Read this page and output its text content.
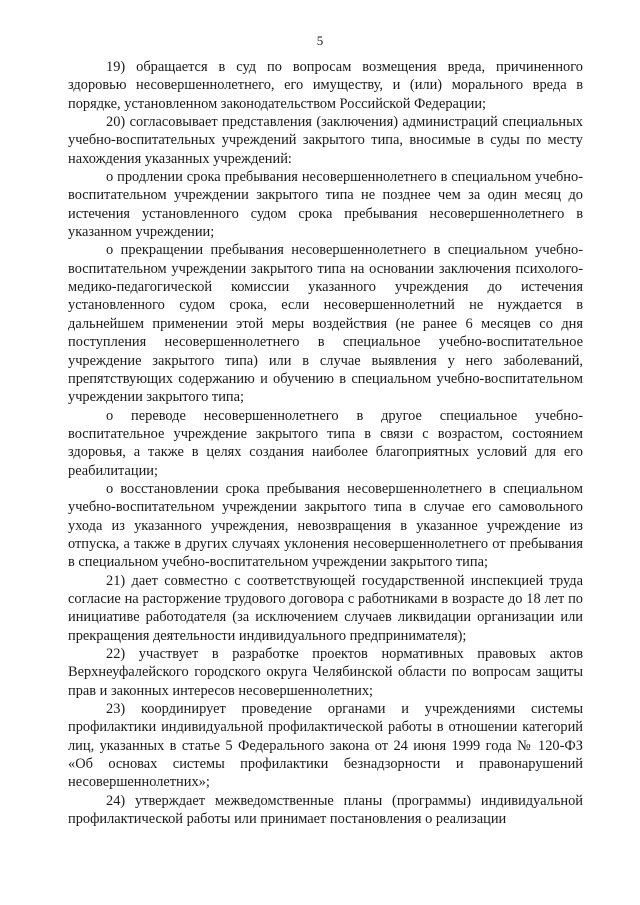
5

19) обращается в суд по вопросам возмещения вреда, причиненного здоровью несовершеннолетнего, его имуществу, и (или) морального вреда в порядке, установленном законодательством Российской Федерации;

20) согласовывает представления (заключения) администраций специальных учебно-воспитательных учреждений закрытого типа, вносимые в суды по месту нахождения указанных учреждений:

о продлении срока пребывания несовершеннолетнего в специальном учебно-воспитательном учреждении закрытого типа не позднее чем за один месяц до истечения установленного судом срока пребывания несовершеннолетнего в указанном учреждении;

о прекращении пребывания несовершеннолетнего в специальном учебно-воспитательном учреждении закрытого типа на основании заключения психолого-медико-педагогической комиссии указанного учреждения до истечения установленного судом срока, если несовершеннолетний не нуждается в дальнейшем применении этой меры воздействия (не ранее 6 месяцев со дня поступления несовершеннолетнего в специальное учебно-воспитательное учреждение закрытого типа) или в случае выявления у него заболеваний, препятствующих содержанию и обучению в специальном учебно-воспитательном учреждении закрытого типа;

о переводе несовершеннолетнего в другое специальное учебно-воспитательное учреждение закрытого типа в связи с возрастом, состоянием здоровья, а также в целях создания наиболее благоприятных условий для его реабилитации;

о восстановлении срока пребывания несовершеннолетнего в специальном учебно-воспитательном учреждении закрытого типа в случае его самовольного ухода из указанного учреждения, невозвращения в указанное учреждение из отпуска, а также в других случаях уклонения несовершеннолетнего от пребывания в специальном учебно-воспитательном учреждении закрытого типа;

21) дает совместно с соответствующей государственной инспекцией труда согласие на расторжение трудового договора с работниками в возрасте до 18 лет по инициативе работодателя (за исключением случаев ликвидации организации или прекращения деятельности индивидуального предпринимателя);

22) участвует в разработке проектов нормативных правовых актов Верхнеуфалейского городского округа Челябинской области по вопросам защиты прав и законных интересов несовершеннолетних;

23) координирует проведение органами и учреждениями системы профилактики индивидуальной профилактической работы в отношении категорий лиц, указанных в статье 5 Федерального закона от 24 июня 1999 года № 120-ФЗ «Об основах системы профилактики безнадзорности и правонарушений несовершеннолетних»;

24) утверждает межведомственные планы (программы) индивидуальной профилактической работы или принимает постановления о реализации
